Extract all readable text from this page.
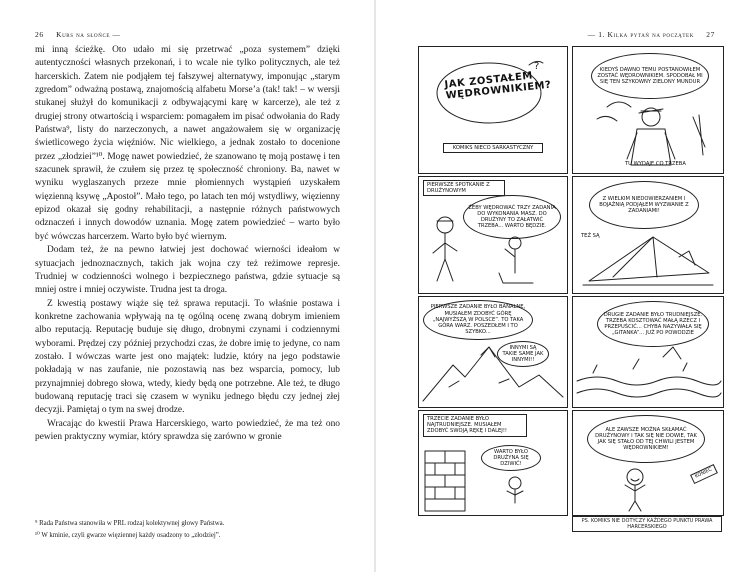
26 Kurs na słońce —

mi inną ścieżkę. Oto udało mi się przetrwać „poza systemem” dzięki autentyczności własnych przekonań, i to wcale nie tylko politycznych, ale też harcerskich. Zatem nie podjąłem tej fałszywej alternatywy, imponując „starym zgredom” odważną postawą, znajomością alfabetu Morse’a (tak! tak! – w wersji stukanej służył do komunikacji z odbywającymi karę w karcerze), ale też z drugiej strony otwartością i wsparciem: pomagałem im pisać odwołania do Rady Państwa⁹, listy do narzeczonych, a nawet angażowałem się w organizację świetlicowego życia więźniów. Nic wielkiego, a jednak zostało to docenione przez „złodziei”¹⁰. Mogę nawet powiedzieć, że szanowano tę moją postawę i ten szacunek sprawił, że czułem się przez tę społeczność chroniony. Ba, nawet w wyniku wyglaszanych przeze mnie płomiennych wystąpień uzyskałem więzienną ksywę „Apostoł”. Mało tego, po latach ten mój wstydliwy, więzienny epizod okazał się godny rehabilitacji, a następnie różnych państwowych odznaczeń i innych dowodów uznania. Mogę zatem powiedzieć – warto było być wówczas harcerzem. Warto było być wiernym.

Dodam też, że na pewno łatwiej jest dochować wierności ideałom w sytuacjach jednoznacznych, takich jak wojna czy też reżimowe represje. Trudniej w codzienności wolnego i bezpiecznego państwa, gdzie sytuacje są mniej ostre i mniej oczywiste. Trudna jest ta droga.

Z kwestią postawy wiąże się też sprawa reputacji. To właśnie postawa i konkretne zachowania wpływają na tę ogólną ocenę zwaną dobrym imieniem albo reputacją. Reputację buduje się długo, drobnymi czynami i codziennymi wyborami. Prędzej czy później przychodzi czas, że dobre imię to jedyne, co nam zostało. I wówczas warte jest ono majątek: ludzie, który na jego podstawie pokładają w nas zaufanie, nie pozostawią nas bez wsparcia, pomocy, lub przynajmniej dobrego słowa, wtedy, kiedy będą one potrzebne. Ale też, te długo budowaną reputację traci się czasem w wyniku jednego błędu czy jednej złej decyzji. Pamiętaj o tym na swej drodze.

Wracając do kwestii Prawa Harcerskiego, warto powiedzieć, że ma też ono pewien praktyczny wymiar, który sprawdza się zarówno w gronie

⁹ Rada Państwa stanowiła w PRL rodzaj kolektywnej głowy Państwa.
¹⁰ W kminie, czyli gwarze więziennej każdy osadzony to „złodziej”.
— 1. Kilka pytań na początek 27
?
JAK ZOSTAŁEM WĘDROWNIKIEM?
KOMIKS NIECO SARKASTYCZNY
KIEDYŚ DAWNO TEMU POSTANOWIŁEM ZOSTAĆ WĘDROWNIKIEM. SPODOBAŁ MI SIĘ TEN SZYKOWNY ZIELONY MUNDUR
TU WYDAJE CO TRZEBA
PIERWSZE SPOTKANIE Z DRUŻYNOWYM
ŻEBY WĘDROWAĆ TRZY ZADANIA DO WYKONANIA MASZ. DO DRUŻYNY TO ZAŁATWIĆ TRZEBA... WARTO BĘDZIE.
Z WIELKIM NIEDOWIERZANIEM I BOJAŹNIĄ PODJĄŁEM WYZWANIE Z ZADANIAMI!
TEŻ SĄ
PIERWSZE ZADANIE BYŁO BANALNE, MUSIAŁEM ZDOBYĆ GÓRĘ „NAJWYŻSZĄ W POLSCE”. TO TAKA GÓRA WARZ. POSZEDŁEM I TO SZYBKO...
INNYMI SĄ TAKIE SAME JAK INNYMI!!
DRUGIE ZADANIE BYŁO TRUDNIEJSZE. TRZEBA KOSZTOWAĆ MAŁĄ RZECZ I PRZEPUŚCIĆ... CHYBA NAZYWAŁA SIĘ „GITANKA”... JUŻ PO POWODZIE
TRZECIE ZADANIE BYŁO NAJTRUDNIEJSZE. MUSIAŁEM ZDOBYĆ SWOJĄ RĘKĘ I DALEJ!!
WARTO BYŁO DRUŻYNA SIĘ DZIWIĆ!
ALE ZAWSZE MOŻNA SKŁAMAĆ DRUŻYNOWY I TAK SIĘ NIE DOWIE, TAK JAK SIĘ STAŁO OD TEJ CHWILI JESTEM WĘDROWNIKIEM!
KONIEC
PS. KOMIKS NIE DOTYCZY KAŻDEGO PUNKTU PRAWA HARCERSKIEGO
